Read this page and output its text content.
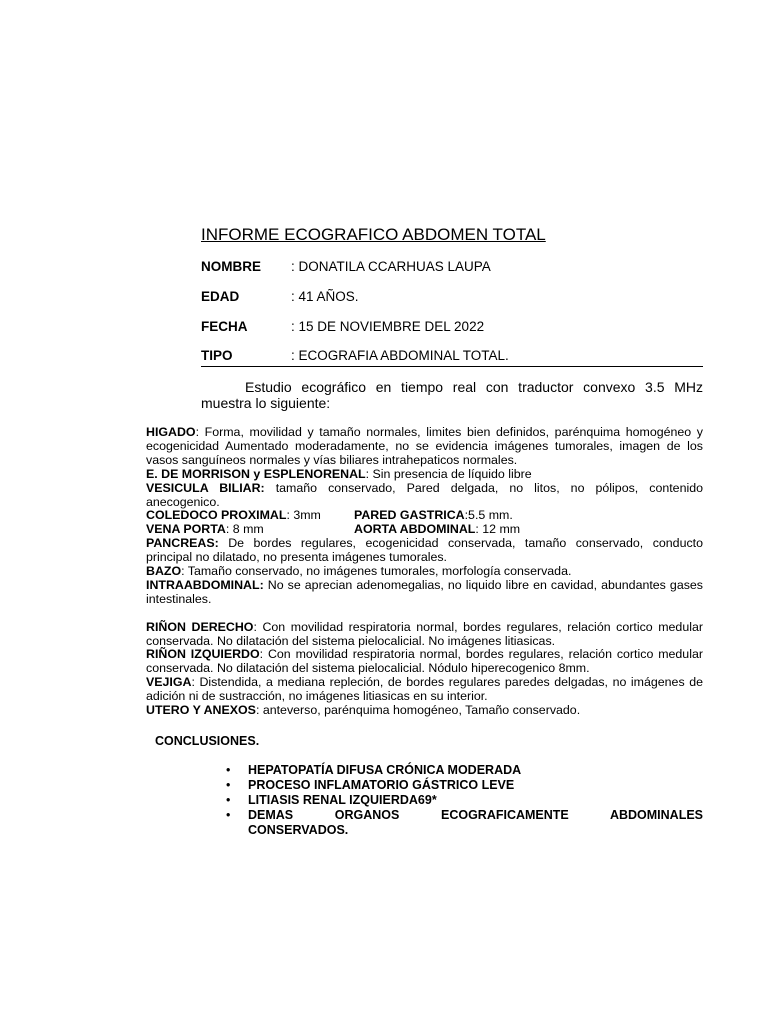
INFORME ECOGRAFICO ABDOMEN TOTAL
NOMBRE : DONATILA CCARHUAS LAUPA
EDAD	: 41 AÑOS.
FECHA	: 15 DE NOVIEMBRE DEL 2022
TIPO	: ECOGRAFIA ABDOMINAL TOTAL.
Estudio ecográfico en tiempo real con traductor convexo 3.5 MHz muestra lo siguiente:

HIGADO: Forma, movilidad y tamaño normales, limites bien definidos, parénquima homogéneo y ecogenicidad Aumentado moderadamente, no se evidencia imágenes tumorales, imagen de los vasos sanguíneos normales y vías biliares intrahepaticos normales.

E. DE MORRISON y ESPLENORENAL: Sin presencia de líquido libre

VESICULA BILIAR: tamaño conservado, Pared delgada, no litos, no pólipos, contenido anecogenico.

COLEDOCO PROXIMAL: 3mm	PARED GASTRICA:5.5 mm.
VENA PORTA: 8 mm	AORTA ABDOMINAL: 12 mm

PANCREAS: De bordes regulares, ecogenicidad conservada, tamaño conservado, conducto principal no dilatado, no presenta imágenes tumorales.

BAZO: Tamaño conservado, no imágenes tumorales, morfología conservada.

INTRAABDOMINAL: No se aprecian adenomegalias, no liquido libre en cavidad, abundantes gases intestinales.

RIÑON DERECHO: Con movilidad respiratoria normal, bordes regulares, relación cortico medular conservada. No dilatación del sistema pielocalicial. No imágenes litiasicas.

RIÑON IZQUIERDO: Con movilidad respiratoria normal, bordes regulares, relación cortico medular conservada. No dilatación del sistema pielocalicial. Nódulo hiperecogenico 8mm.

VEJIGA: Distendida, a mediana repleción, de bordes regulares paredes delgadas, no imágenes de adición ni de sustracción, no imágenes litiasicas en su interior.

UTERO Y ANEXOS: anteverso, parénquima homogéneo, Tamaño conservado.

CONCLUSIONES.
•	HEPATOPATÍA DIFUSA CRÓNICA MODERADA
•	PROCESO INFLAMATORIO GÁSTRICO LEVE
•	LITIASIS RENAL IZQUIERDA69*
•	DEMAS ORGANOS ECOGRAFICAMENTE ABDOMINALES
CONSERVADOS.
